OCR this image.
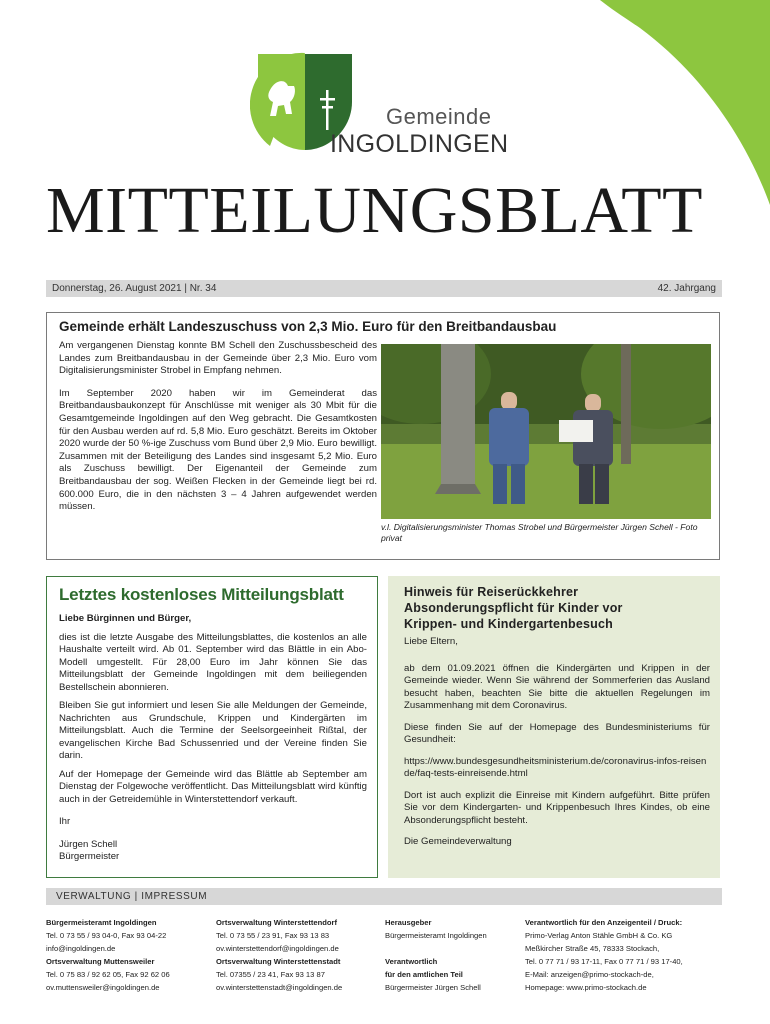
Gemeinde
INGOLDINGEN
MITTEILUNGSBLATT
Donnerstag, 26. August 2021 | Nr. 34	42. Jahrgang
Gemeinde erhält Landeszuschuss von 2,3 Mio. Euro für den Breitbandausbau

Am vergangenen Dienstag konnte BM Schell den Zuschussbescheid des Landes zum Breitbandausbau in der Gemeinde über 2,3 Mio. Euro vom Digitalisierungsminister Strobel in Empfang nehmen.

Im September 2020 haben wir im Gemeinderat das Breitbandausbaukonzept für Anschlüsse mit weniger als 30 Mbit für die Gesamtgemeinde Ingoldingen auf den Weg gebracht. Die Gesamtkosten für den Ausbau werden auf rd. 5,8 Mio. Euro geschätzt. Bereits im Oktober 2020 wurde der 50 %-ige Zuschuss vom Bund über 2,9 Mio. Euro bewilligt. Zusammen mit der Beteiligung des Landes sind insgesamt 5,2 Mio. Euro als Zuschuss bewilligt. Der Eigenanteil der Gemeinde zum Breitbandausbau der sog. Weißen Flecken in der Gemeinde liegt bei rd. 600.000 Euro, die in den nächsten 3 – 4 Jahren aufgewendet werden müssen.

v.l. Digitalisierungsminister Thomas Strobel und Bürgermeister Jürgen Schell - Foto privat
Letztes kostenloses Mitteilungsblatt

Liebe Bürginnen und Bürger,

dies ist die letzte Ausgabe des Mitteilungsblattes, die kostenlos an alle Haushalte verteilt wird. Ab 01. September wird das Blättle in ein Abo-Modell umgestellt. Für 28,00 Euro im Jahr können Sie das Mitteilungsblatt der Gemeinde Ingoldingen mit dem beiliegenden Bestellschein abonnieren.

Bleiben Sie gut informiert und lesen Sie alle Meldungen der Gemeinde, Nachrichten aus Grundschule, Krippen und Kindergärten im Mitteilungsblatt. Auch die Termine der Seelsorgeeinheit Rißtal, der evangelischen Kirche Bad Schussenried und der Vereine finden Sie darin.

Auf der Homepage der Gemeinde wird das Blättle ab September am Dienstag der Folgewoche veröffentlicht. Das Mitteilungsblatt wird künftig auch in der Getreidemühle in Winterstettendorf verkauft.

Ihr

Jürgen Schell

Bürgermeister

Hinweis für Reiserückkehrer
Absonderungspflicht für Kinder vor
Krippen- und Kindergartenbesuch

Liebe Eltern,

ab dem 01.09.2021 öffnen die Kindergärten und Krippen in der Gemeinde wieder. Wenn Sie während der Sommerferien das Ausland besucht haben, beachten Sie bitte die aktuellen Regelungen im Zusammenhang mit dem Coronavirus.

Diese finden Sie auf der Homepage des Bundesministeriums für Gesundheit:

https://www.bundesgesundheitsministerium.de/coronavirus-infos-reisende/faq-tests-einreisende.html

Dort ist auch explizit die Einreise mit Kindern aufgeführt. Bitte prüfen Sie vor dem Kindergarten- und Krippenbesuch Ihres Kindes, ob eine Absonderungspflicht besteht.

Die Gemeindeverwaltung

VERWALTUNG | IMPRESSUM
Bürgermeisteramt Ingoldingen
Tel. 0 73 55 / 93 04-0, Fax 93 04-22
info@ingoldingen.de
Ortsverwaltung Muttensweiler
Tel. 0 75 83 / 92 62 05, Fax 92 62 06
ov.muttensweiler@ingoldingen.de
Ortsverwaltung Winterstettendorf
Tel. 0 73 55 / 23 91, Fax 93 13 83
ov.winterstettendorf@ingoldingen.de
Ortsverwaltung Winterstettenstadt
Tel. 07355 / 23 41, Fax 93 13 87
ov.winterstettenstadt@ingoldingen.de
Herausgeber
Bürgermeisteramt Ingoldingen
Verantwortlich
für den amtlichen Teil
Bürgermeister Jürgen Schell
Verantwortlich für den Anzeigenteil / Druck:
Primo-Verlag Anton Stähle GmbH & Co. KG
Meßkircher Straße 45, 78333 Stockach,
Tel. 0 77 71 / 93 17-11, Fax 0 77 71 / 93 17-40,
E-Mail: anzeigen@primo-stockach-de,
Homepage: www.primo-stockach.de
